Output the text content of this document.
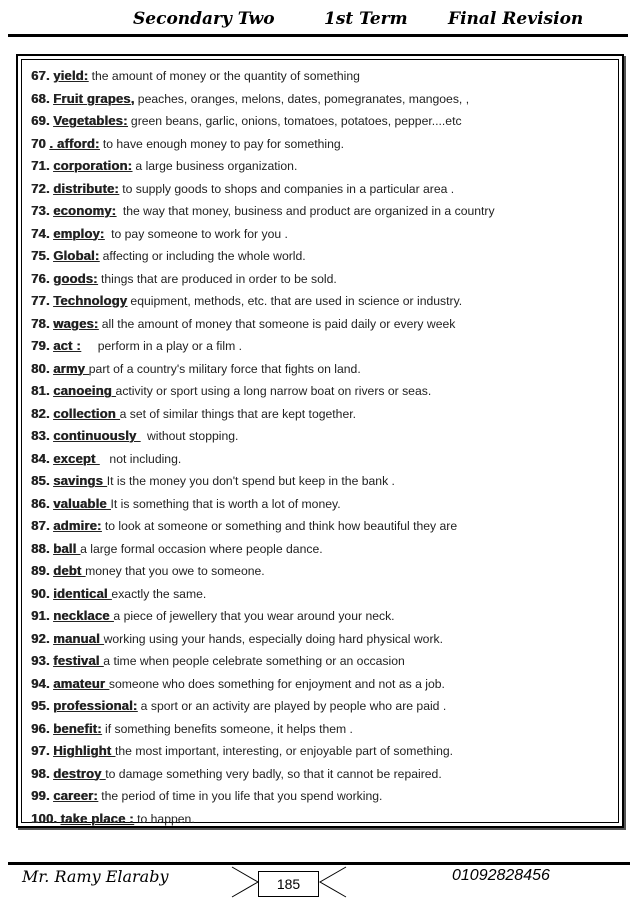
Secondary Two	1st Term Final Revision
67. yield: the amount of money or the quantity of something
68. Fruit grapes, peaches, oranges, melons, dates, pomegranates, mangoes, ,
69. Vegetables: green beans, garlic, onions, tomatoes, potatoes, pepper....etc
70 . afford: to have enough money to pay for something.
71. corporation: a large business organization.
72. distribute: to supply goods to shops and companies in a particular area .
73. economy:  the way that money, business and product are organized in a country
74. employ:  to pay someone to work for you .
75. Global: affecting or including the whole world.
76. goods: things that are produced in order to be sold.
77. Technology equipment, methods, etc. that are used in science or industry.
78. wages: all the amount of money that someone is paid daily or every week
79. act :     perform in a play or a film .
80. army part of a country's military force that fights on land.
81. canoeing activity or sport using a long narrow boat on rivers or seas.
82. collection a set of similar things that are kept together.
83. continuously   without stopping.
84. except    not including.
85. savings It is the money you don't spend but keep in the bank .
86. valuable It is something that is worth a lot of money.
87. admire: to look at someone or something and think how beautiful they are
88. ball a large formal occasion where people dance.
89. debt money that you owe to someone.
90. identical exactly the same.
91. necklace a piece of jewellery that you wear around your neck.
92. manual working using your hands, especially doing hard physical work.
93. festival a time when people celebrate something or an occasion
94. amateur someone who does something for enjoyment and not as a job.
95. professional: a sport or an activity are played by people who are paid .
96. benefit: if something benefits someone, it helps them .
97. Highlight the most important, interesting, or enjoyable part of something.
98. destroy to damage something very badly, so that it cannot be repaired.
99. career: the period of time in you life that you spend working.
100. take place : to happen.
Mr. Ramy Elaraby	185	01092828456
